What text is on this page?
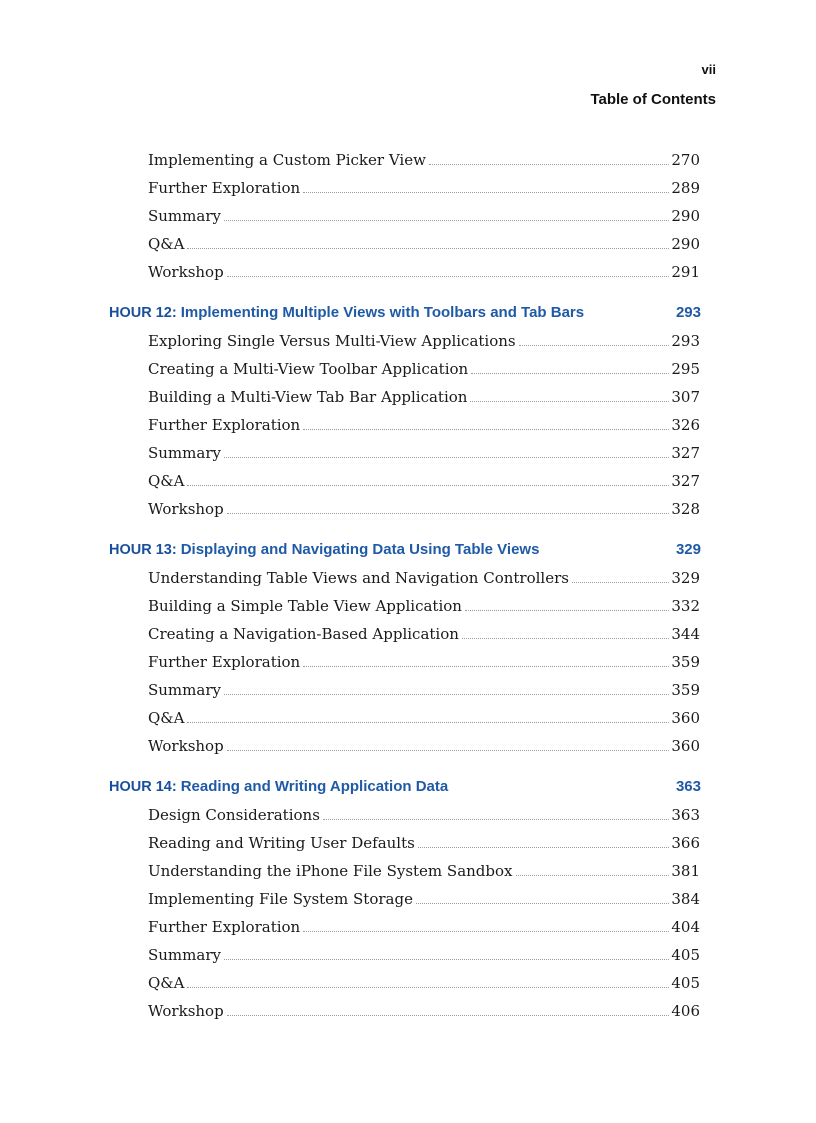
vii
Table of Contents
Implementing a Custom Picker View	270
Further Exploration	289
Summary	290
Q&A	290
Workshop	291
HOUR 12: Implementing Multiple Views with Toolbars and Tab Bars	293
Exploring Single Versus Multi-View Applications	293
Creating a Multi-View Toolbar Application	295
Building a Multi-View Tab Bar Application	307
Further Exploration	326
Summary	327
Q&A	327
Workshop	328
HOUR 13: Displaying and Navigating Data Using Table Views	329
Understanding Table Views and Navigation Controllers	329
Building a Simple Table View Application	332
Creating a Navigation-Based Application	344
Further Exploration	359
Summary	359
Q&A	360
Workshop	360
HOUR 14: Reading and Writing Application Data	363
Design Considerations	363
Reading and Writing User Defaults	366
Understanding the iPhone File System Sandbox	381
Implementing File System Storage	384
Further Exploration	404
Summary	405
Q&A	405
Workshop	406
